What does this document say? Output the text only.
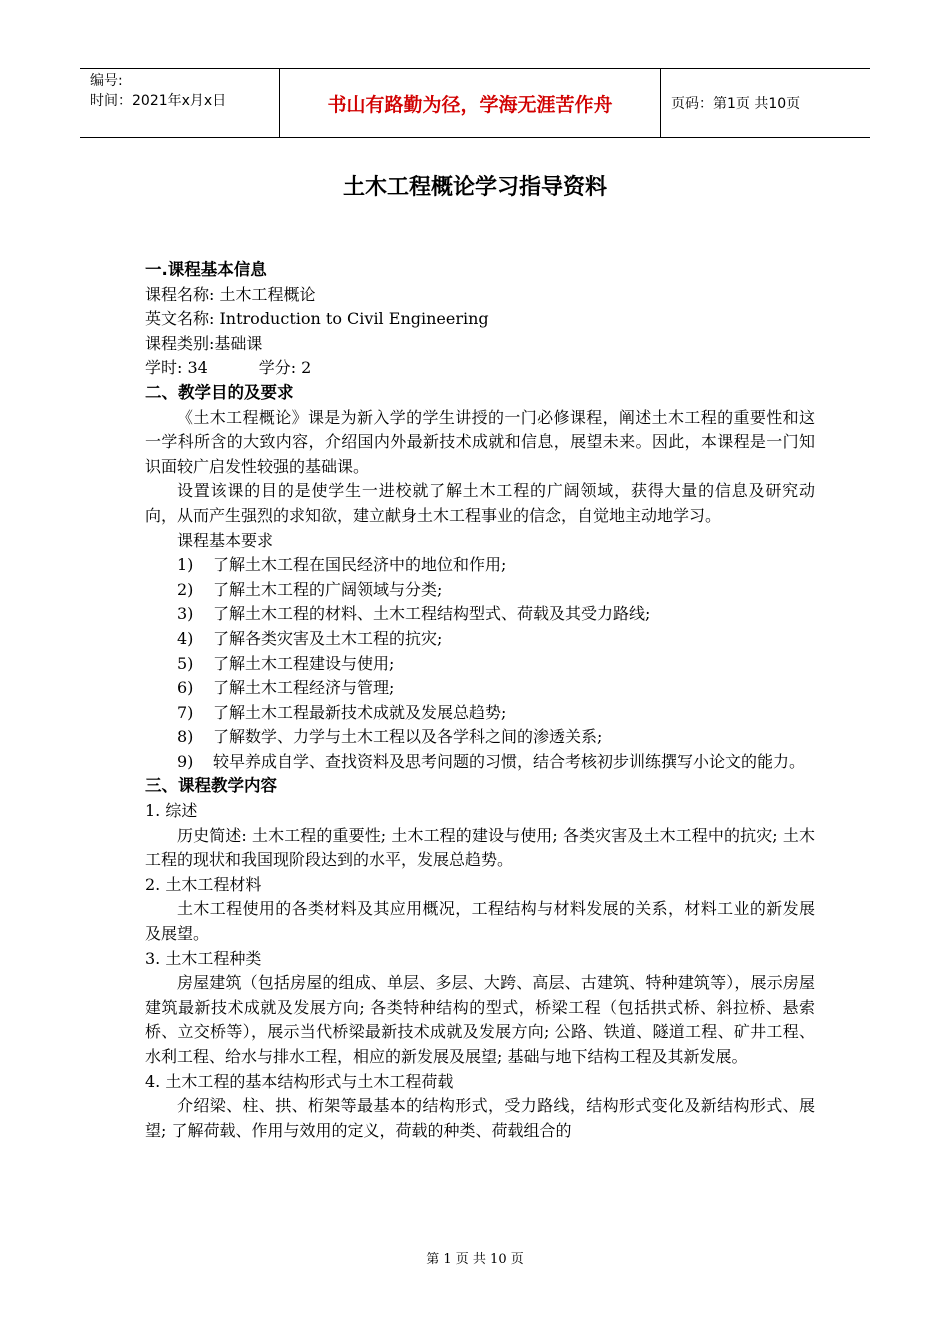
编号:
时间：2021年x月x日	书山有路勤为径，学海无涯苦作舟	页码：第1页 共10页
土木工程概论学习指导资料

一.课程基本信息

课程名称: 土木工程概论

英文名称: Introduction to Civil Engineering

课程类别:基础课

学时: 34          学分: 2

二、教学目的及要求

《土木工程概论》课是为新入学的学生讲授的一门必修课程，阐述土木工程的重要性和这一学科所含的大致内容，介绍国内外最新技术成就和信息，展望未来。因此，本课程是一门知识面较广启发性较强的基础课。

设置该课的目的是使学生一进校就了解土木工程的广阔领域，获得大量的信息及研究动向，从而产生强烈的求知欲，建立献身土木工程事业的信念，自觉地主动地学习。

课程基本要求

1)	了解土木工程在国民经济中的地位和作用;
2)	了解土木工程的广阔领域与分类;
3)	了解土木工程的材料、土木工程结构型式、荷载及其受力路线;
4)	了解各类灾害及土木工程的抗灾;
5)	了解土木工程建设与使用;
6)	了解土木工程经济与管理;
7)	了解土木工程最新技术成就及发展总趋势;
8)	了解数学、力学与土木工程以及各学科之间的渗透关系;
9)	较早养成自学、查找资料及思考问题的习惯，结合考核初步训练撰写小论文的能力。

三、课程教学内容

1. 综述

历史简述: 土木工程的重要性; 土木工程的建设与使用; 各类灾害及土木工程中的抗灾; 土木工程的现状和我国现阶段达到的水平，发展总趋势。

2. 土木工程材料

土木工程使用的各类材料及其应用概况，工程结构与材料发展的关系，材料工业的新发展及展望。

3. 土木工程种类

房屋建筑（包括房屋的组成、单层、多层、大跨、高层、古建筑、特种建筑等），展示房屋建筑最新技术成就及发展方向; 各类特种结构的型式，桥梁工程（包括拱式桥、斜拉桥、悬索桥、立交桥等），展示当代桥梁最新技术成就及发展方向; 公路、铁道、隧道工程、矿井工程、水利工程、给水与排水工程，相应的新发展及展望; 基础与地下结构工程及其新发展。

4. 土木工程的基本结构形式与土木工程荷载

介绍梁、柱、拱、桁架等最基本的结构形式，受力路线，结构形式变化及新结构形式、展望; 了解荷载、作用与效用的定义，荷载的种类、荷载组合的

第 1 页 共 10 页
